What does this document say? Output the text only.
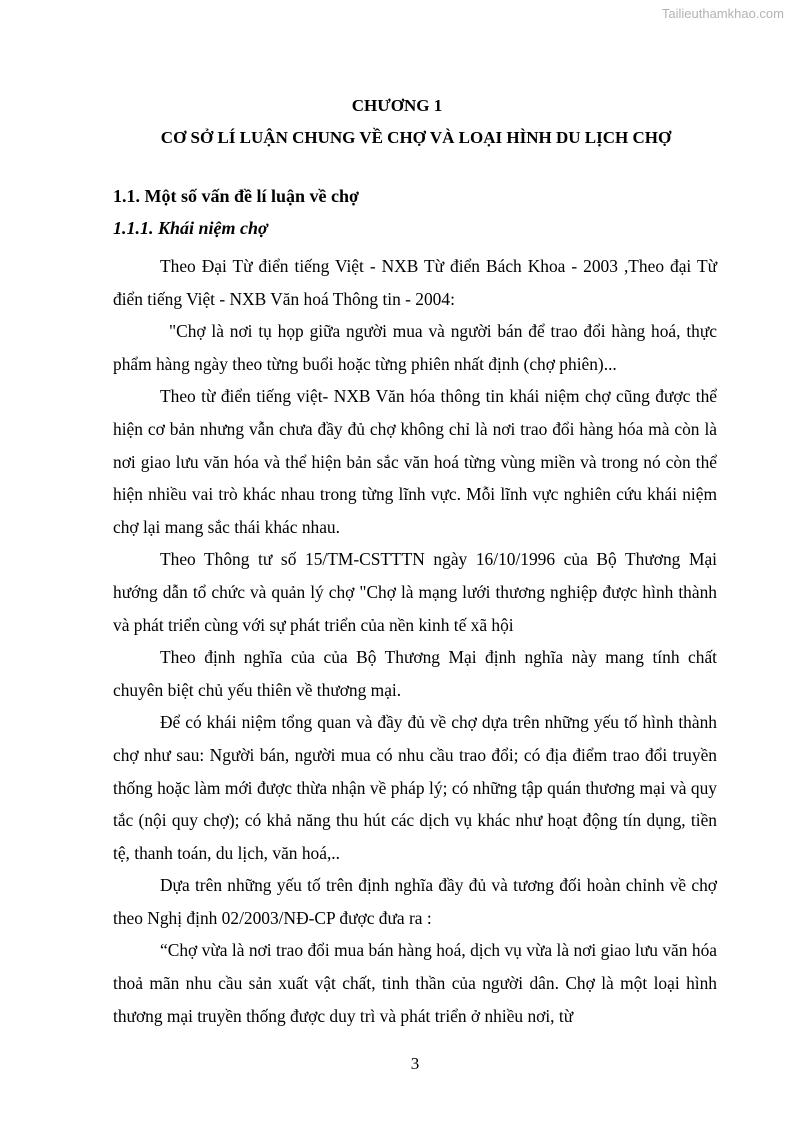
Tailieuthamkhao.com
CHƯƠNG 1
CƠ SỞ LÍ LUẬN CHUNG VỀ CHỢ VÀ LOẠI HÌNH DU LỊCH CHỢ
1.1. Một số vấn đề lí luận về chợ
1.1.1. Khái niệm chợ

Theo Đại Từ điển tiếng Việt - NXB Từ điển Bách Khoa - 2003 ,Theo đại Từ điển tiếng Việt - NXB Văn hoá Thông tin - 2004:

"Chợ là nơi tụ họp giữa người mua và người bán để trao đổi hàng hoá, thực phẩm hàng ngày theo từng buổi hoặc từng phiên nhất định (chợ phiên)...

Theo từ điển tiếng việt- NXB Văn hóa thông tin khái niệm chợ cũng được thể hiện cơ bản nhưng vẫn chưa đầy đủ chợ không chỉ là nơi trao đổi hàng hóa mà còn là nơi giao lưu văn hóa và thể hiện bản sắc văn hoá từng vùng miền và trong nó còn thể hiện nhiều vai trò khác nhau trong từng lĩnh vực. Mỗi lĩnh vực nghiên cứu khái niệm chợ lại mang sắc thái khác nhau.

Theo Thông tư số 15/TM-CSTTTN ngày 16/10/1996 của Bộ Thương Mại hướng dẫn tổ chức và quản lý chợ "Chợ là mạng lưới thương nghiệp được hình thành và phát triển cùng với sự phát triển của nền kinh tế xã hội

Theo định nghĩa của của Bộ Thương Mại định nghĩa này mang tính chất chuyên biệt chủ yếu thiên về thương mại.

Để có khái niệm tổng quan và đầy đủ về chợ dựa trên những yếu tố hình thành chợ như sau: Người bán, người mua có nhu cầu trao đổi; có địa điểm trao đổi truyền thống hoặc làm mới được thừa nhận về pháp lý; có những tập quán thương mại và quy tắc (nội quy chợ); có khả năng thu hút các dịch vụ khác như hoạt động tín dụng, tiền tệ, thanh toán, du lịch, văn hoá,..

Dựa trên những yếu tố trên định nghĩa đầy đủ và tương đối hoàn chỉnh về chợ theo Nghị định 02/2003/NĐ-CP được đưa ra :

“Chợ vừa là nơi trao đổi mua bán hàng hoá, dịch vụ vừa là nơi giao lưu văn hóa thoả mãn nhu cầu sản xuất vật chất, tinh thần của người dân. Chợ là một loại hình thương mại truyền thống được duy trì và phát triển ở nhiều nơi, từ

3
